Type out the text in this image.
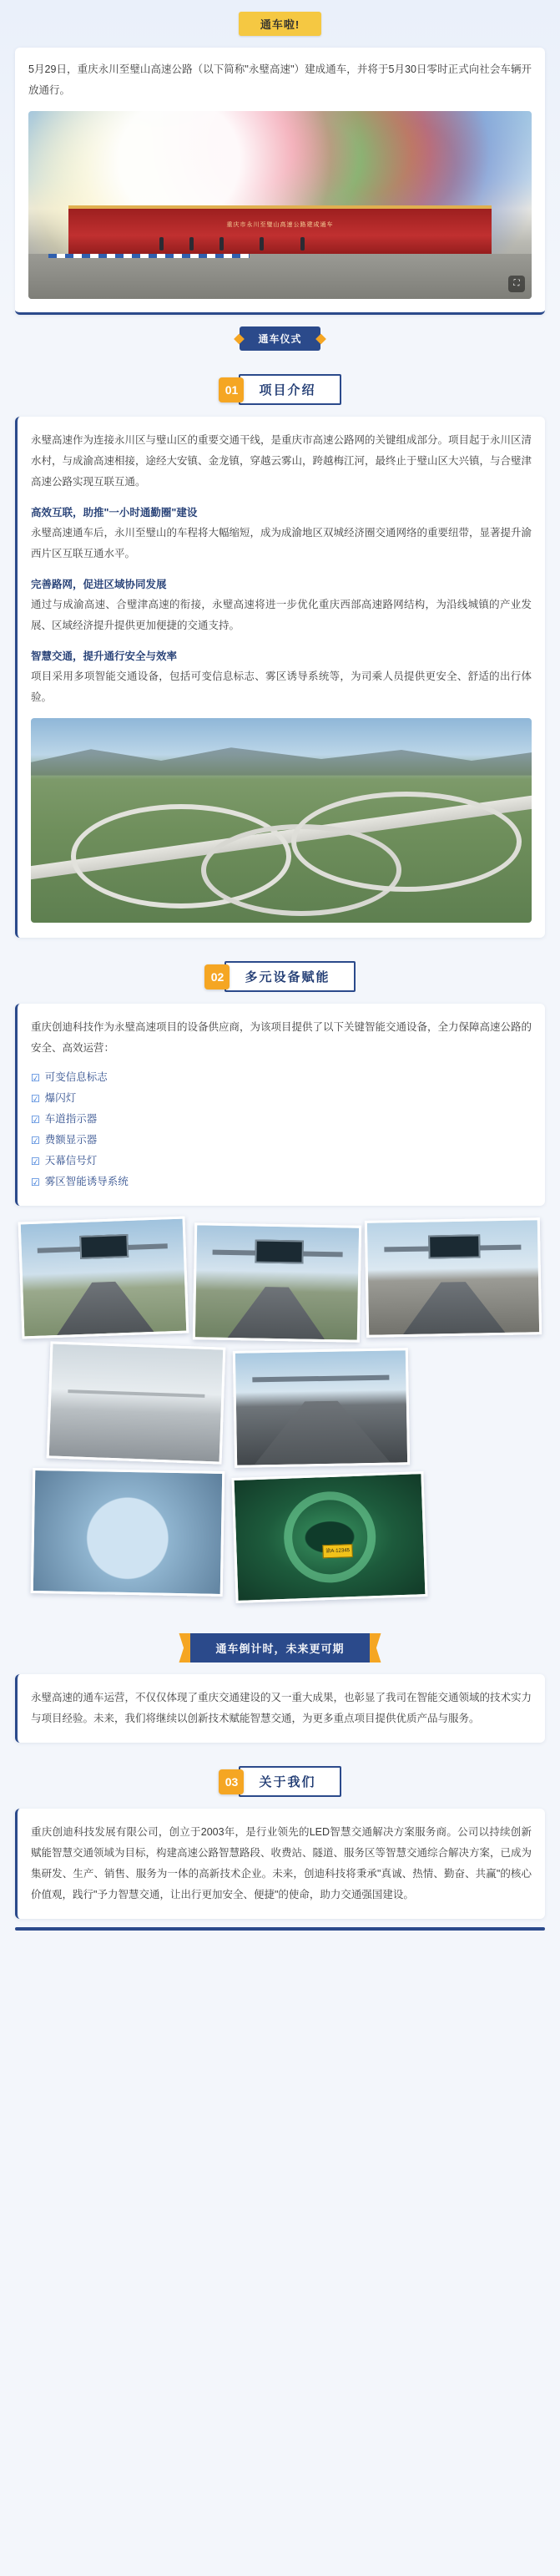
通车啦!
5月29日，重庆永川至璧山高速公路（以下简称"永璧高速"）建成通车，并将于5月30日零时正式向社会车辆开放通行。
重庆市永川至璧山高速公路建成通车
⛶
通车仪式
01	项目介绍
永璧高速作为连接永川区与璧山区的重要交通干线，是重庆市高速公路网的关键组成部分。项目起于永川区清水村，与成渝高速相接，途经大安镇、金龙镇，穿越云雾山，跨越梅江河，最终止于璧山区大兴镇，与合璧津高速公路实现互联互通。
高效互联，助推"一小时通勤圈"建设
永璧高速通车后，永川至璧山的车程将大幅缩短，成为成渝地区双城经济圈交通网络的重要纽带，显著提升渝西片区互联互通水平。
完善路网，促进区域协同发展
通过与成渝高速、合璧津高速的衔接，永璧高速将进一步优化重庆西部高速路网结构，为沿线城镇的产业发展、区域经济提升提供更加便捷的交通支持。
智慧交通，提升通行安全与效率
项目采用多项智能交通设备，包括可变信息标志、雾区诱导系统等，为司乘人员提供更安全、舒适的出行体验。
02	多元设备赋能
重庆创迪科技作为永璧高速项目的设备供应商，为该项目提供了以下关键智能交通设备，全力保障高速公路的安全、高效运营：
☑ 可变信息标志
☑ 爆闪灯
☑ 车道指示器
☑ 费额显示器
☑ 天幕信号灯
☑ 雾区智能诱导系统
渝A·12345
通车倒计时，未来更可期
永璧高速的通车运营，不仅仅体现了重庆交通建设的又一重大成果，也彰显了我司在智能交通领域的技术实力与项目经验。未来，我们将继续以创新技术赋能智慧交通，为更多重点项目提供优质产品与服务。
03	关于我们
重庆创迪科技发展有限公司，创立于2003年，是行业领先的LED智慧交通解决方案服务商。公司以持续创新赋能智慧交通领域为目标，构建高速公路智慧路段、收费站、隧道、服务区等智慧交通综合解决方案，已成为集研发、生产、销售、服务为一体的高新技术企业。未来，创迪科技将秉承"真诚、热情、勤奋、共赢"的核心价值观，践行"予力智慧交通，让出行更加安全、便捷"的使命，助力交通强国建设。
